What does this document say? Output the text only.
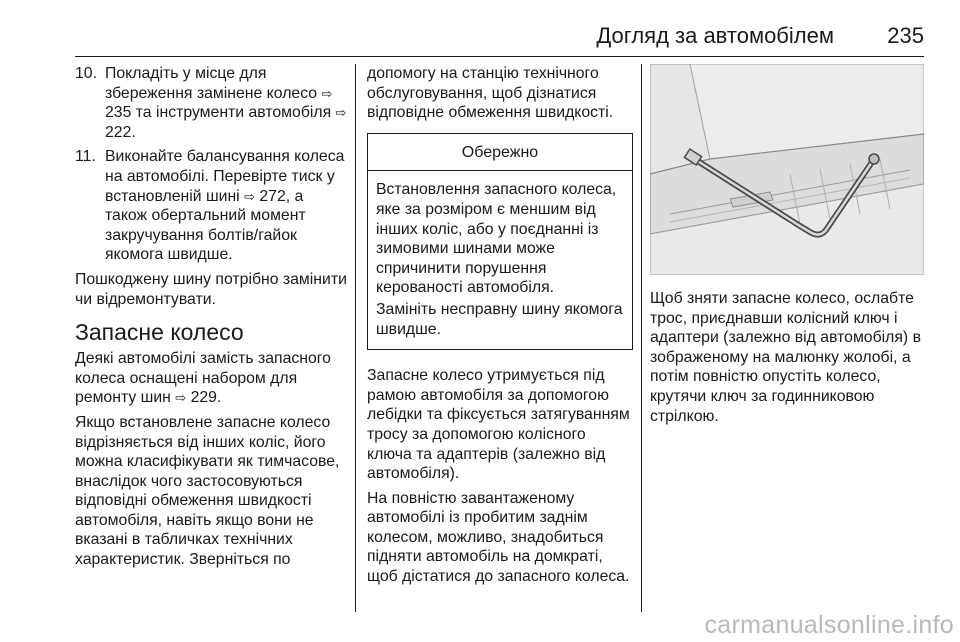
Догляд за автомобілем 235
10. Покладіть у місце для збереження замінене колесо ⇨ 235 та інструменти автомобіля ⇨ 222.
11. Виконайте балансування колеса на автомобілі. Перевірте тиск у встановленій шині ⇨ 272, а також обертальний момент закручування болтів/гайок якомога швидше.

Пошкоджену шину потрібно замінити чи відремонтувати.

Запасне колесо

Деякі автомобілі замість запасного колеса оснащені набором для ремонту шин ⇨ 229.

Якщо встановлене запасне колесо відрізняється від інших коліс, його можна класифікувати як тимчасове, внаслідок чого застосовуються відповідні обмеження швидкості автомобіля, навіть якщо вони не вказані в табличках технічних характеристик. Зверніться по

допомогу на станцію технічного обслуговування, щоб дізнатися відповідне обмеження швидкості.

Обережно

Встановлення запасного колеса, яке за розміром є меншим від інших коліс, або у поєднанні із зимовими шинами може спричинити порушення керованості автомобіля.

Замініть несправну шину якомога швидше.

Запасне колесо утримується під рамою автомобіля за допомогою лебідки та фіксується затягуванням тросу за допомогою колісного ключа та адаптерів (залежно від автомобіля).

На повністю завантаженому автомобілі із пробитим заднім колесом, можливо, знадобиться підняти автомобіль на домкраті, щоб дістатися до запасного колеса.

Щоб зняти запасне колесо, ослабте трос, приєднавши колісний ключ і адаптери (залежно від автомобіля) в зображеному на малюнку жолобі, а потім повністю опустіть колесо, крутячи ключ за годинниковою стрілкою.

carmanualsonline.info
